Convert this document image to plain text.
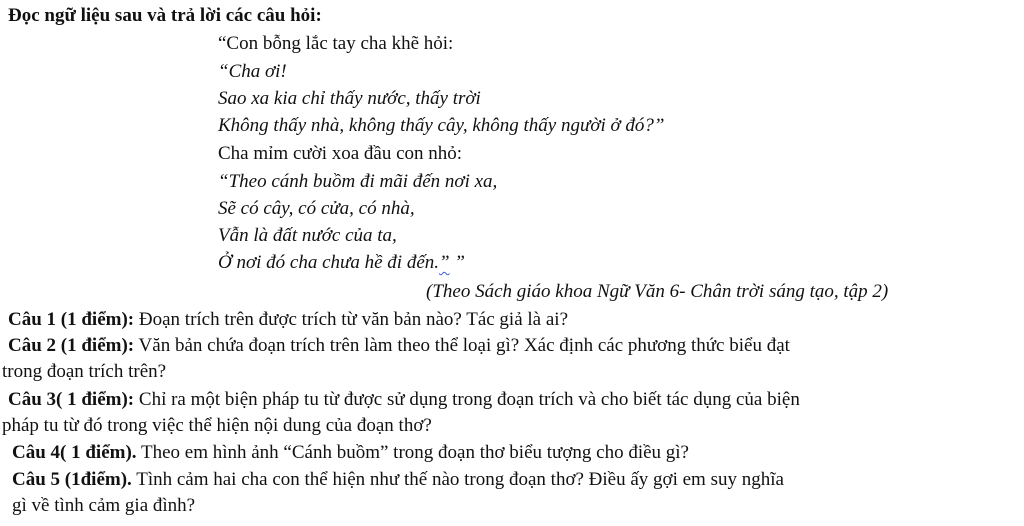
Đọc ngữ liệu sau và trả lời các câu hỏi:
“Con bỗng lắc tay cha khẽ hỏi:
“Cha ơi!
Sao xa kia chỉ thấy nước, thấy trời
Không thấy nhà, không thấy cây, không thấy người ở đó?”
Cha mỉm cười xoa đầu con nhỏ:
“Theo cánh buồm đi mãi đến nơi xa,
Sẽ có cây, có cửa, có nhà,
Vẫn là đất nước của ta,
Ở nơi đó cha chưa hề đi đến.” ”
(Theo Sách giáo khoa Ngữ Văn 6- Chân trời sáng tạo, tập 2)
Câu 1 (1 điểm): Đoạn trích trên được trích từ văn bản nào? Tác giả là ai?
Câu 2 (1 điểm): Văn bản chứa đoạn trích trên làm theo thể loại gì? Xác định các phương thức biểu đạt
trong đoạn trích trên?
Câu 3( 1 điểm): Chỉ ra một biện pháp tu từ được sử dụng trong đoạn trích và cho biết tác dụng của biện
pháp tu từ đó trong việc thể hiện nội dung của đoạn thơ?
Câu 4( 1 điểm). Theo em hình ảnh “Cánh buồm” trong đoạn thơ biểu tượng cho điều gì?
Câu 5 (1điểm). Tình cảm hai cha con thể hiện như thế nào trong đoạn thơ? Điều ấy gợi em suy nghĩa
gì về tình cảm gia đình?
